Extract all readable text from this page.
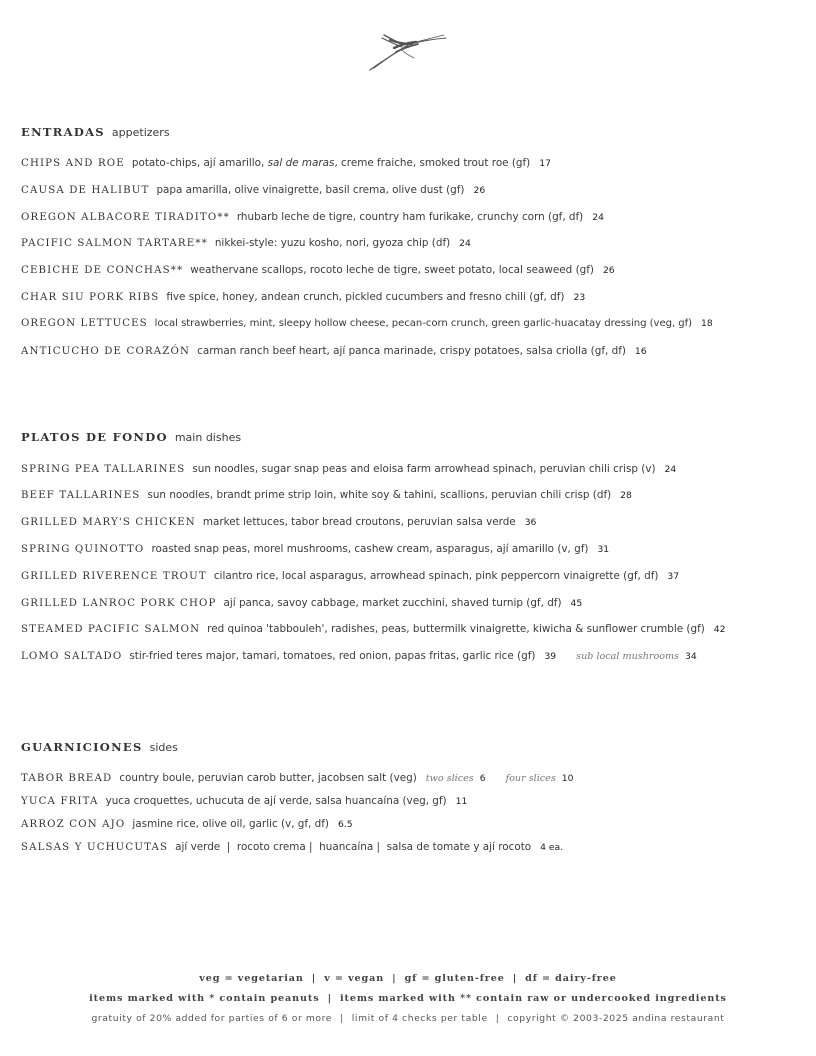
ENTRADAS appetizers
CHIPS AND ROE potato-chips, ají amarillo, sal de maras, creme fraiche, smoked trout roe (gf) 17
CAUSA DE HALIBUT papa amarilla, olive vinaigrette, basil crema, olive dust (gf) 26
OREGON ALBACORE TIRADITO** rhubarb leche de tigre, country ham furikake, crunchy corn (gf, df) 24
PACIFIC SALMON TARTARE** nikkei-style: yuzu kosho, nori, gyoza chip (df) 24
CEBICHE DE CONCHAS** weathervane scallops, rocoto leche de tigre, sweet potato, local seaweed (gf) 26
CHAR SIU PORK RIBS five spice, honey, andean crunch, pickled cucumbers and fresno chili (gf, df) 23
OREGON LETTUCES local strawberries, mint, sleepy hollow cheese, pecan-corn crunch, green garlic-huacatay dressing (veg, gf) 18
ANTICUCHO DE CORAZÓN carman ranch beef heart, ají panca marinade, crispy potatoes, salsa criolla (gf, df) 16
PLATOS DE FONDO main dishes
SPRING PEA TALLARINES sun noodles, sugar snap peas and eloisa farm arrowhead spinach, peruvian chili crisp (v) 24
BEEF TALLARINES sun noodles, brandt prime strip loin, white soy & tahini, scallions, peruvian chili crisp (df) 28
GRILLED MARY'S CHICKEN market lettuces, tabor bread croutons, peruvian salsa verde 36
SPRING QUINOTTO roasted snap peas, morel mushrooms, cashew cream, asparagus, ají amarillo (v, gf) 31
GRILLED RIVERENCE TROUT cilantro rice, local asparagus, arrowhead spinach, pink peppercorn vinaigrette (gf, df) 37
GRILLED LANROC PORK CHOP ají panca, savoy cabbage, market zucchini, shaved turnip (gf, df) 45
STEAMED PACIFIC SALMON red quinoa 'tabbouleh', radishes, peas, buttermilk vinaigrette, kiwicha & sunflower crumble (gf) 42
LOMO SALTADO stir-fried teres major, tamari, tomatoes, red onion, papas fritas, garlic rice (gf) 39 sub local mushrooms 34
GUARNICIONES sides
TABOR BREAD country boule, peruvian carob butter, jacobsen salt (veg) two slices 6 four slices 10
YUCA FRITA yuca croquettes, uchucuta de ají verde, salsa huancaína (veg, gf) 11
ARROZ CON AJO jasmine rice, olive oil, garlic (v, gf, df) 6.5
SALSAS Y UCHUCUTAS ají verde  |  rocoto crema |  huancaína |  salsa de tomate y ají rocoto 4 ea.
veg = vegetarian | v = vegan | gf = gluten-free | df = dairy-free
items marked with * contain peanuts | items marked with ** contain raw or undercooked ingredients
gratuity of 20% added for parties of 6 or more | limit of 4 checks per table | copyright © 2003-2025 andina restaurant
